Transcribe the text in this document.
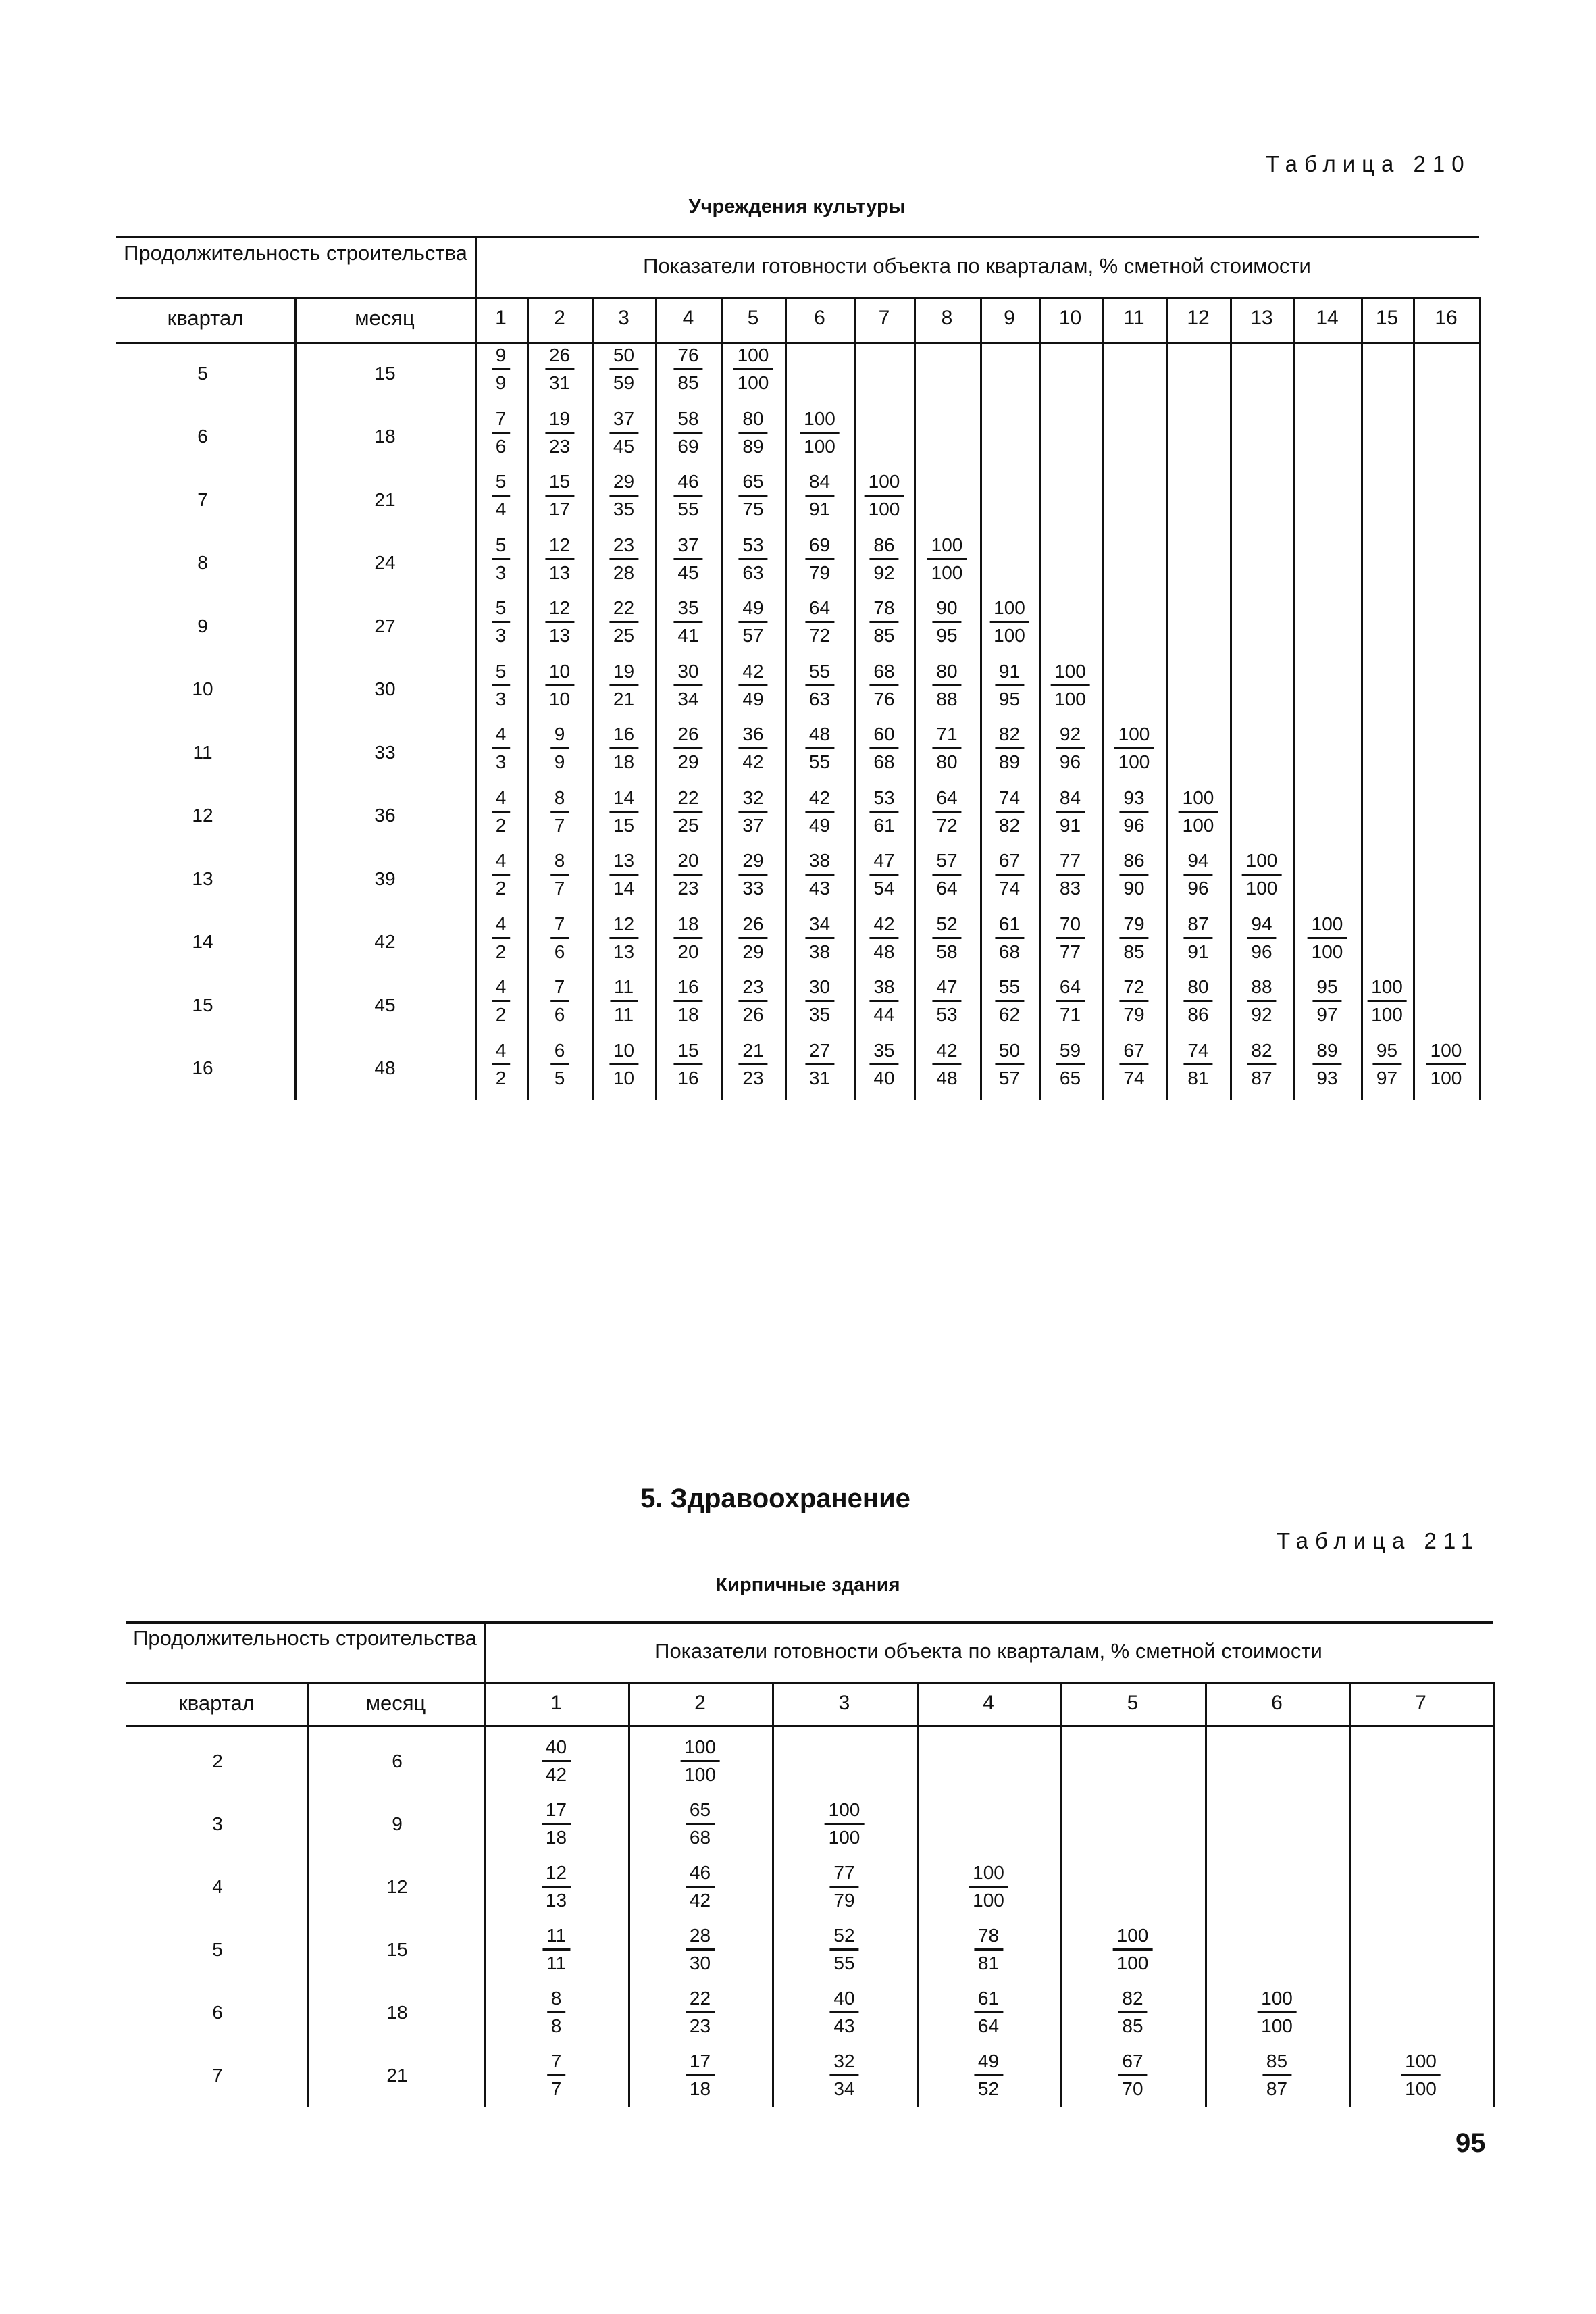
Таблица 210
Учреждения культуры
Продолжительность строительства
Показатели готовности объекта по кварталам, % сметной стоимости
квартал	месяц	1 2	3	4	5	6	7	8	9 10 11 12 13 14 15 16
5	15	$\frac{9}{9} \frac{26}{31} \frac{50}{59} \frac{76}{85} \frac{100}{100}$
6	18	$\frac{7}{6} \frac{19}{23} \frac{37}{45} \frac{58}{69} \frac{80}{89} \frac{100}{100}$
7	21	$\frac{5}{4} \frac{15}{17} \frac{29}{35} \frac{46}{55} \frac{65}{75} \frac{84}{91} \frac{100}{100}$
8	24	$\frac{5}{3} \frac{12}{13} \frac{23}{28} \frac{37}{45} \frac{53}{63} \frac{69}{79} \frac{86}{92} \frac{100}{100}$
9	27	$\frac{5}{3} \frac{12}{13} \frac{22}{25} \frac{35}{41} \frac{49}{57} \frac{64}{72} \frac{78}{85} \frac{90}{95} \frac{100}{100}$
10	30	$\frac{5}{3} \frac{10}{10} \frac{19}{21} \frac{30}{34} \frac{42}{49} \frac{55}{63} \frac{68}{76} \frac{80}{88} \frac{91}{95} \frac{100}{100}$
11	33	$\frac{4}{3} \frac{9}{9} \frac{16}{18} \frac{26}{29} \frac{36}{42} \frac{48}{55} \frac{60}{68} \frac{71}{80} \frac{82}{89} \frac{92}{96} \frac{100}{100}$
12	36	$\frac{4}{2} \frac{8}{7} \frac{14}{15} \frac{22}{25} \frac{32}{37} \frac{42}{49} \frac{53}{61} \frac{64}{72} \frac{74}{82} \frac{84}{91} \frac{93}{96} \frac{100}{100}$
13	39	$\frac{4}{2} \frac{8}{7} \frac{13}{14} \frac{20}{23} \frac{29}{33} \frac{38}{43} \frac{47}{54} \frac{57}{64} \frac{67}{74} \frac{77}{83} \frac{86}{90} \frac{94}{96} \frac{100}{100}$
14	42	$\frac{4}{2} \frac{7}{6} \frac{12}{13} \frac{18}{20} \frac{26}{29} \frac{34}{38} \frac{42}{48} \frac{52}{58} \frac{61}{68} \frac{70}{77} \frac{79}{85} \frac{87}{91} \frac{94}{96} \frac{100}{100}$
15	45	$\frac{4}{2} \frac{7}{6} \frac{11}{11} \frac{16}{18} \frac{23}{26} \frac{30}{35} \frac{38}{44} \frac{47}{53} \frac{55}{62} \frac{64}{71} \frac{72}{79} \frac{80}{86} \frac{88}{92} \frac{95}{97} \frac{100}{100}$
16	48	$\frac{4}{2} \frac{6}{5} \frac{10}{10} \frac{15}{16} \frac{21}{23} \frac{27}{31} \frac{35}{40} \frac{42}{48} \frac{50}{57} \frac{59}{65} \frac{67}{74} \frac{74}{81} \frac{82}{87} \frac{89}{93} \frac{95}{97} \frac{100}{100}$
5. Здравоохранение
Таблица 211
Кирпичные здания
Продолжительность строительства
Показатели готовности объекта по кварталам, % сметной стоимости
квартал	месяц	1	2	3	4	5	6	7
2	6	$\frac{40}{42}$	$\frac{100}{100}$
3	9	$\frac{17}{18}$	$\frac{65}{68}$	$\frac{100}{100}$
4	12	$\frac{12}{13}$	$\frac{46}{42}$	$\frac{77}{79}$	$\frac{100}{100}$
5	15	$\frac{11}{11}$	$\frac{28}{30}$	$\frac{52}{55}$	$\frac{78}{81}$	$\frac{100}{100}$
6	18	$\frac{8}{8}$	$\frac{22}{23}$	$\frac{40}{43}$	$\frac{61}{64}$	$\frac{82}{85}$	$\frac{100}{100}$
7	21	$\frac{7}{7}$	$\frac{17}{18}$	$\frac{32}{34}$	$\frac{49}{52}$	$\frac{67}{70}$	$\frac{85}{87}$	$\frac{100}{100}$
95
